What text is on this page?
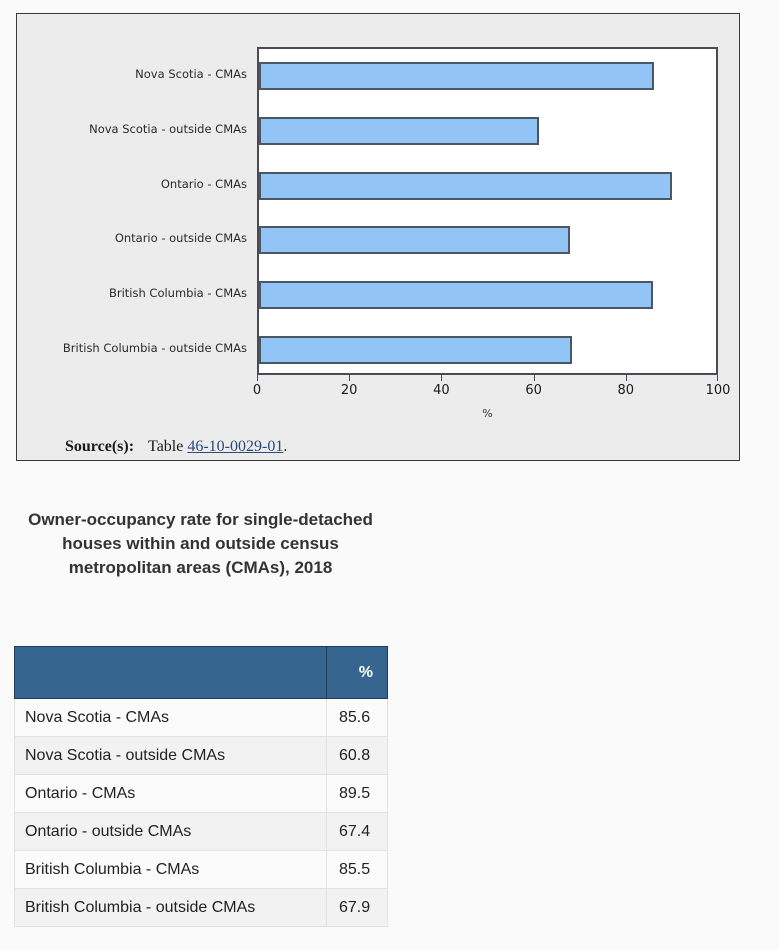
Nova Scotia - CMAs
Nova Scotia - outside CMAs
Ontario - CMAs
Ontario - outside CMAs
British Columbia - CMAs
British Columbia - outside CMAs
0	20	40	60	80	100
%
Source(s): Table 46-10-0029-01.
Owner-occupancy rate for single-detached houses within and outside census metropolitan areas (CMAs), 2018
	%
Nova Scotia - CMAs	85.6
Nova Scotia - outside CMAs	60.8
Ontario - CMAs	89.5
Ontario - outside CMAs	67.4
British Columbia - CMAs	85.5
British Columbia - outside CMAs	67.9
